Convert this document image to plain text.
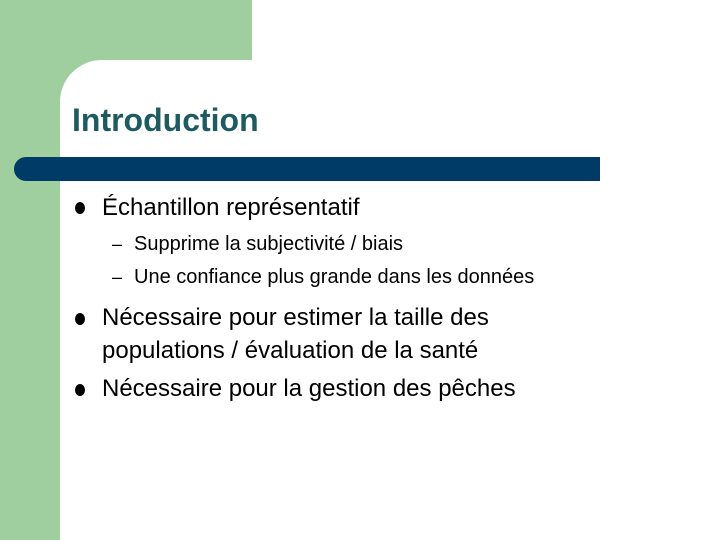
Introduction
Échantillon représentatif
– Supprime la subjectivité / biais
– Une confiance plus grande dans les données
Nécessaire pour estimer la taille des
populations / évaluation de la santé
Nécessaire pour la gestion des pêches
